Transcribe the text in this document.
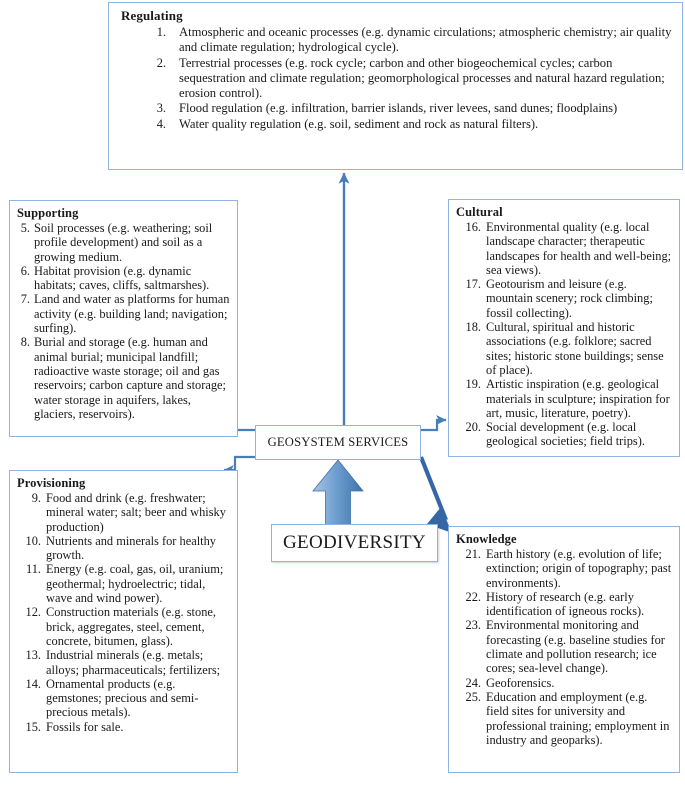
Regulating
1. Atmospheric and oceanic processes (e.g. dynamic circulations; atmospheric chemistry; air quality and climate regulation; hydrological cycle).
2. Terrestrial processes (e.g. rock cycle; carbon and other biogeochemical cycles; carbon sequestration and climate regulation; geomorphological processes and natural hazard regulation; erosion control).
3. Flood regulation (e.g. infiltration, barrier islands, river levees, sand dunes; floodplains)
4. Water quality regulation (e.g. soil, sediment and rock as natural filters).
Supporting
5. Soil processes (e.g. weathering; soil profile development) and soil as a growing medium.
6. Habitat provision (e.g. dynamic habitats; caves, cliffs, saltmarshes).
7. Land and water as platforms for human activity (e.g. building land; navigation; surfing).
8. Burial and storage (e.g. human and animal burial; municipal landfill; radioactive waste storage; oil and gas reservoirs; carbon capture and storage; water storage in aquifers, lakes, glaciers, reservoirs).
Cultural
16. Environmental quality (e.g. local landscape character; therapeutic landscapes for health and well-being; sea views).
17. Geotourism and leisure (e.g. mountain scenery; rock climbing; fossil collecting).
18. Cultural, spiritual and historic associations (e.g. folklore; sacred sites; historic stone buildings; sense of place).
19. Artistic inspiration (e.g. geological materials in sculpture; inspiration for art, music, literature, poetry).
20. Social development (e.g. local geological societies; field trips).
Provisioning
9. Food and drink (e.g. freshwater; mineral water; salt; beer and whisky production)
10. Nutrients and minerals for healthy growth.
11. Energy (e.g. coal, gas, oil, uranium; geothermal; hydroelectric; tidal, wave and wind power).
12. Construction materials (e.g. stone, brick, aggregates, steel, cement, concrete, bitumen, glass).
13. Industrial minerals (e.g. metals; alloys; pharmaceuticals; fertilizers;
14. Ornamental products (e.g. gemstones; precious and semi-precious metals).
15. Fossils for sale.
Knowledge
21. Earth history (e.g. evolution of life; extinction; origin of topography; past environments).
22. History of research (e.g. early identification of igneous rocks).
23. Environmental monitoring and forecasting (e.g. baseline studies for climate and pollution research; ice cores; sea-level change).
24. Geoforensics.
25. Education and employment (e.g. field sites for university and professional training; employment in industry and geoparks).
GEOSYSTEM SERVICES
GEODIVERSITY
